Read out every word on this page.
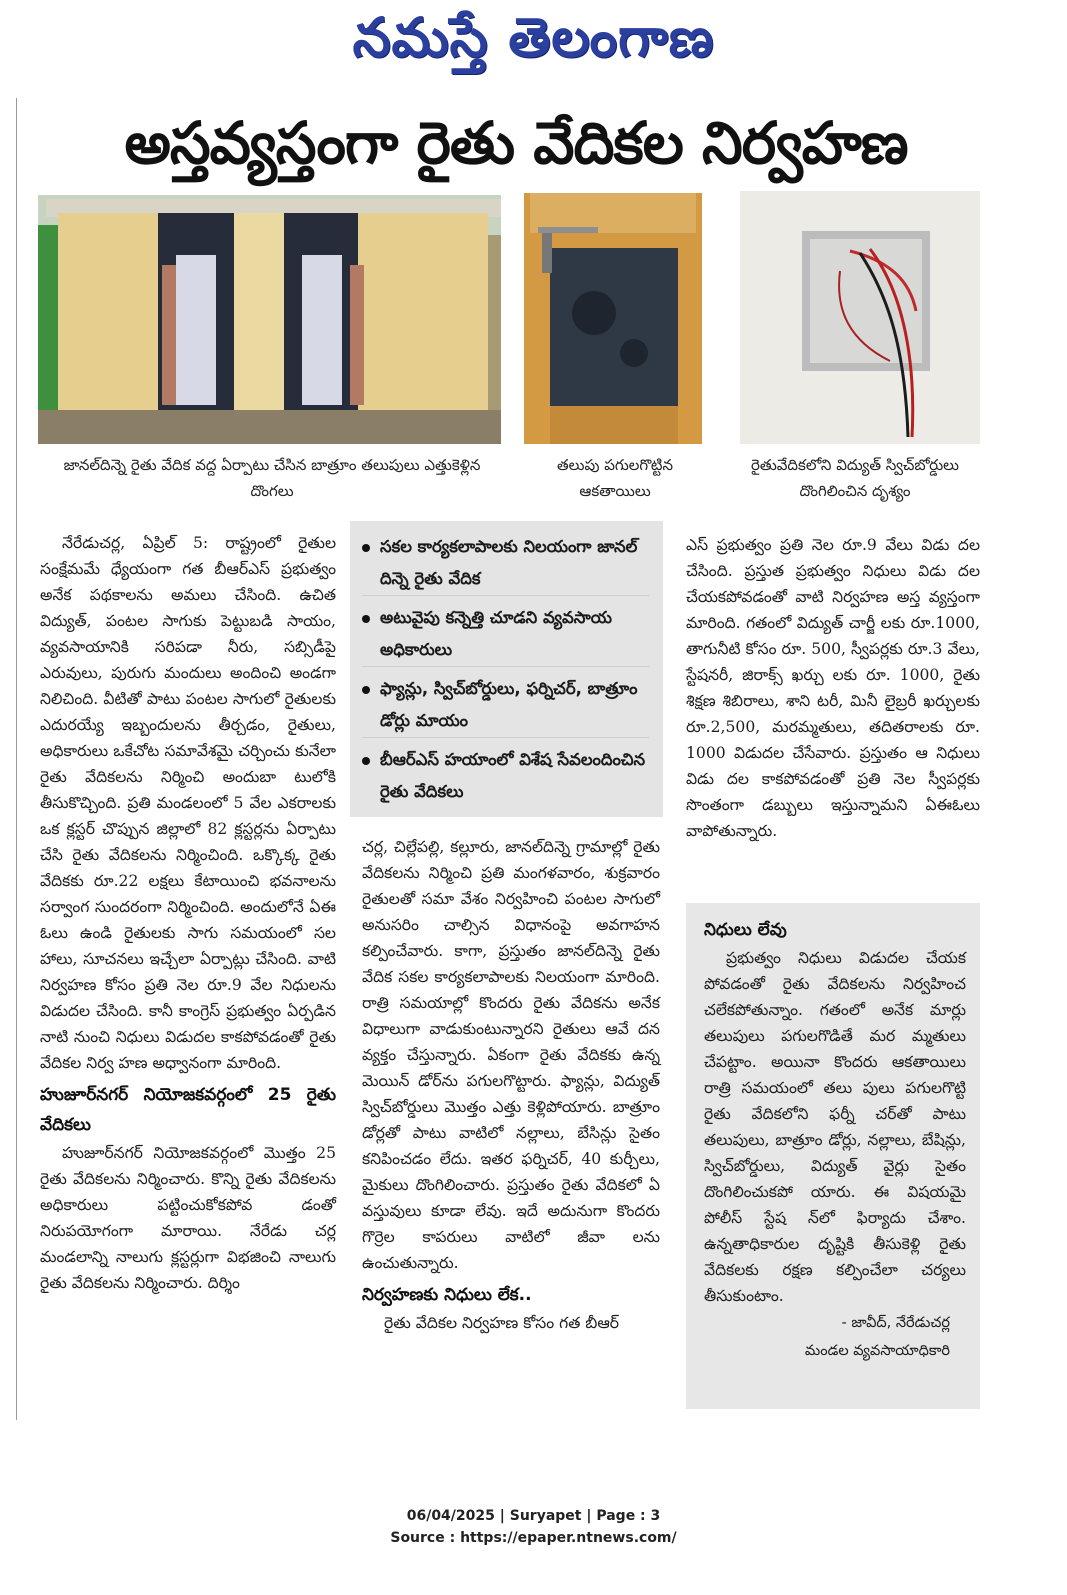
నమస్తే తెలంగాణ
అస్తవ్యస్తంగా రైతు వేదికల నిర్వహణ
జానల్‌దిన్నె రైతు వేదిక వద్ద ఏర్పాటు చేసిన బాత్రూం తలుపులు ఎత్తుకెళ్లిన దొంగలు
తలుపు పగులగొట్టిన ఆకతాయిలు
రైతువేదికలోని విద్యుత్ స్విచ్‌బోర్డులు దొంగిలించిన దృశ్యం

నేరేడుచర్ల, ఏప్రిల్ 5: రాష్ట్రంలో రైతుల సంక్షేమమే ధ్యేయంగా గత బీఆర్ఎస్ ప్రభుత్వం అనేక పథకాలను అమలు చేసింది. ఉచిత విద్యుత్, పంటల సాగుకు పెట్టుబడి సాయం, వ్యవసాయానికి సరిపడా నీరు, సబ్సిడీపై ఎరువులు, పురుగు మందులు అందించి అండగా నిలిచింది. వీటితో పాటు పంటల సాగులో రైతులకు ఎదురయ్యే ఇబ్బందులను తీర్చడం, రైతులు, అధికారులు ఒకేచోట సమావేశమై చర్చించు కునేలా రైతు వేదికలను నిర్మించి అందుబా టులోకి తీసుకొచ్చింది. ప్రతి మండలంలో 5 వేల ఎకరాలకు ఒక క్లస్టర్ చొప్పున జిల్లాలో 82 క్లస్టర్లను ఏర్పాటు చేసి రైతు వేదికలను నిర్మించింది. ఒక్కొక్క రైతు వేదికకు రూ.22 లక్షలు కేటాయించి భవనాలను సర్వాంగ సుందరంగా నిర్మించింది. అందులోనే ఏఈ ఓలు ఉండి రైతులకు సాగు సమయంలో సల హాలు, సూచనలు ఇచ్చేలా ఏర్పాట్లు చేసింది. వాటి నిర్వహణ కోసం ప్రతి నెల రూ.9 వేల నిధులను విడుదల చేసింది. కానీ కాంగ్రెస్ ప్రభుత్వం ఏర్పడిన నాటి నుంచి నిధులు విడుదల కాకపోవడంతో రైతు వేదికల నిర్వ హణ అధ్వానంగా మారింది.

హుజూర్‌నగర్ నియోజకవర్గంలో 25 రైతు వేదికలు

హుజూర్‌నగర్ నియోజకవర్గంలో మొత్తం 25 రైతు వేదికలను నిర్మించారు. కొన్ని రైతు వేదికలను అధికారులు పట్టించుకోకపోవ డంతో నిరుపయోగంగా మారాయి. నేరేడు చర్ల మండలాన్ని నాలుగు క్లస్టర్లుగా విభజించి నాలుగు రైతు వేదికలను నిర్మించారు. దిర్శిం

సకల కార్యకలాపాలకు నిలయంగా జానల్ దిన్నె రైతు వేదిక
అటువైపు కన్నెత్తి చూడని వ్యవసాయ అధికారులు
ఫ్యాన్లు, స్విచ్‌బోర్డులు, ఫర్నిచర్, బాత్రూం డోర్లు మాయం
బీఆర్ఎస్ హయాంలో విశేష సేవలందించిన రైతు వేదికలు

చర్ల, చిల్లేపల్లి, కల్లూరు, జానల్‌దిన్నె గ్రామాల్లో రైతు వేదికలను నిర్మించి ప్రతి మంగళవారం, శుక్రవారం రైతులతో సమా వేశం నిర్వహించి పంటల సాగులో అనుసరిం చాల్సిన విధానంపై అవగాహన కల్పించేవారు. కాగా, ప్రస్తుతం జానల్‌దిన్నె రైతు వేదిక సకల కార్యకలాపాలకు నిలయంగా మారింది. రాత్రి సమయాల్లో కొందరు రైతు వేదికను అనేక విధాలుగా వాడుకుంటున్నారని రైతులు ఆవే దన వ్యక్తం చేస్తున్నారు. ఏకంగా రైతు వేదికకు ఉన్న మెయిన్ డోర్‌ను పగులగొట్టారు. ఫ్యాన్లు, విద్యుత్ స్విచ్‌బోర్డులు మొత్తం ఎత్తు కెళ్లిపోయారు. బాత్రూం డోర్లతో పాటు వాటిలో నల్లాలు, బేసిన్లు సైతం కనిపించడం లేదు. ఇతర ఫర్నిచర్, 40 కుర్చీలు, మైకులు దొంగిలించారు. ప్రస్తుతం రైతు వేదికలో ఏ వస్తువులు కూడా లేవు. ఇదే అదునుగా కొందరు గొర్రెల కాపరులు వాటిలో జీవా లను ఉంచుతున్నారు.

నిర్వహణకు నిధులు లేక..

రైతు వేదికల నిర్వహణ కోసం గత బీఆర్

ఎస్ ప్రభుత్వం ప్రతి నెల రూ.9 వేలు విడు దల చేసింది. ప్రస్తుత ప్రభుత్వం నిధులు విడు దల చేయకపోవడంతో వాటి నిర్వహణ అస్త వ్యస్తంగా మారింది. గతంలో విద్యుత్ చార్జీ లకు రూ.1000, తాగునీటి కోసం రూ. 500, స్వీపర్లకు రూ.3 వేలు, స్టేషనరీ, జిరాక్స్ ఖర్చు లకు రూ. 1000, రైతు శిక్షణ శిబిరాలు, శాని టరీ, మినీ లైబ్రరీ ఖర్చులకు రూ.2,500, మరమ్మతులు, తదితరాలకు రూ. 1000 విడుదల చేసేవారు. ప్రస్తుతం ఆ నిధులు విడు దల కాకపోవడంతో ప్రతి నెల స్వీపర్లకు సొంతంగా డబ్బులు ఇస్తున్నామని ఏఈఓలు వాపోతున్నారు.

నిధులు లేవు
ప్రభుత్వం నిధులు విడుదల చేయక పోవడంతో రైతు వేదికలను నిర్వహించ చలేకపోతున్నాం. గతంలో అనేక మార్లు తలుపులు పగులగొడితే మర మ్మతులు చేపట్టాం. అయినా కొందరు ఆకతాయిలు రాత్రి సమయంలో తలు పులు పగులగొట్టి రైతు వేదికలోని ఫర్నీ చర్‌తో పాటు తలుపులు, బాత్రూం డోర్లు, నల్లాలు, బేషిన్లు, స్విచ్‌బోర్డులు, విద్యుత్ వైర్లు సైతం దొంగిలించుకపో యారు. ఈ విషయమై పోలీస్ స్టేష న్‌లో ఫిర్యాదు చేశాం. ఉన్నతాధికారుల దృష్టికి తీసుకెళ్లి రైతు వేదికలకు రక్షణ కల్పించేలా చర్యలు తీసుకుంటాం.
- జావీద్, నేరేడుచర్ల
మండల వ్యవసాయాధికారి
06/04/2025 | Suryapet | Page : 3
Source : https://epaper.ntnews.com/
